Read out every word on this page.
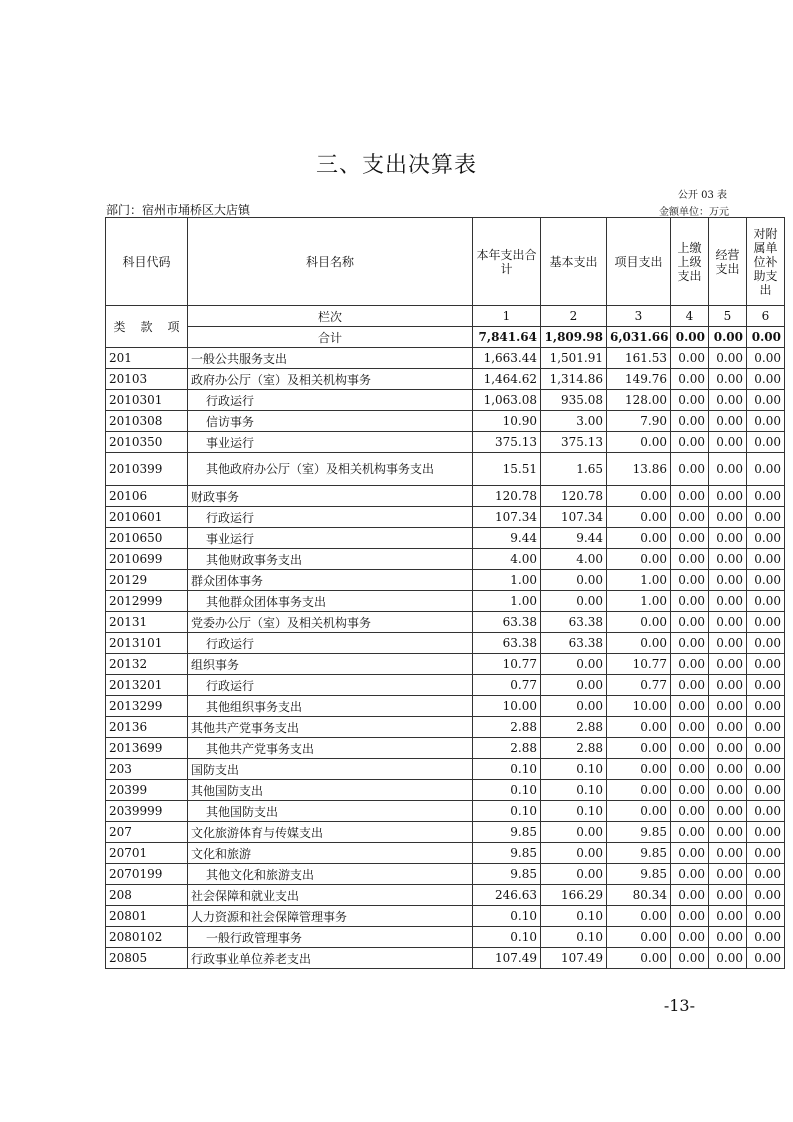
三、支出决算表
公开 03 表
部门：宿州市埇桥区大店镇	金额单位：万元
科目代码	科目名称	本年支出合计	基本支出	项目支出	上缴上级支出	经营支出	对附属单位补助支出

类 款 项	栏次	1	2	3	4	5	6
	合计	7,841.64	1,809.98	6,031.66	0.00	0.00	0.00
201	一般公共服务支出	1,663.44	1,501.91	161.53	0.00	0.00	0.00
20103	政府办公厅（室）及相关机构事务	1,464.62	1,314.86	149.76	0.00	0.00	0.00
2010301	行政运行	1,063.08	935.08	128.00	0.00	0.00	0.00
2010308	信访事务	10.90	3.00	7.90	0.00	0.00	0.00
2010350	事业运行	375.13	375.13	0.00	0.00	0.00	0.00
2010399	其他政府办公厅（室）及相关机构事务支出	15.51	1.65	13.86	0.00	0.00	0.00
20106	财政事务	120.78	120.78	0.00	0.00	0.00	0.00
2010601	行政运行	107.34	107.34	0.00	0.00	0.00	0.00
2010650	事业运行	9.44	9.44	0.00	0.00	0.00	0.00
2010699	其他财政事务支出	4.00	4.00	0.00	0.00	0.00	0.00
20129	群众团体事务	1.00	0.00	1.00	0.00	0.00	0.00
2012999	其他群众团体事务支出	1.00	0.00	1.00	0.00	0.00	0.00
20131	党委办公厅（室）及相关机构事务	63.38	63.38	0.00	0.00	0.00	0.00
2013101	行政运行	63.38	63.38	0.00	0.00	0.00	0.00
20132	组织事务	10.77	0.00	10.77	0.00	0.00	0.00
2013201	行政运行	0.77	0.00	0.77	0.00	0.00	0.00
2013299	其他组织事务支出	10.00	0.00	10.00	0.00	0.00	0.00
20136	其他共产党事务支出	2.88	2.88	0.00	0.00	0.00	0.00
2013699	其他共产党事务支出	2.88	2.88	0.00	0.00	0.00	0.00
203	国防支出	0.10	0.10	0.00	0.00	0.00	0.00
20399	其他国防支出	0.10	0.10	0.00	0.00	0.00	0.00
2039999	其他国防支出	0.10	0.10	0.00	0.00	0.00	0.00
207	文化旅游体育与传媒支出	9.85	0.00	9.85	0.00	0.00	0.00
20701	文化和旅游	9.85	0.00	9.85	0.00	0.00	0.00
2070199	其他文化和旅游支出	9.85	0.00	9.85	0.00	0.00	0.00
208	社会保障和就业支出	246.63	166.29	80.34	0.00	0.00	0.00
20801	人力资源和社会保障管理事务	0.10	0.10	0.00	0.00	0.00	0.00
2080102	一般行政管理事务	0.10	0.10	0.00	0.00	0.00	0.00
20805	行政事业单位养老支出	107.49	107.49	0.00	0.00	0.00	0.00
-13-
